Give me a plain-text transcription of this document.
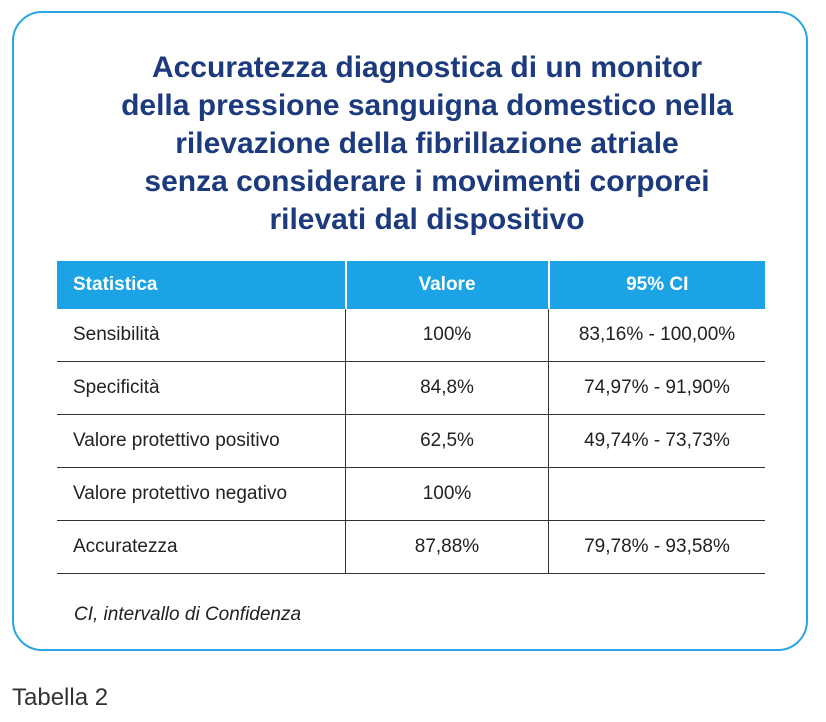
Accuratezza diagnostica di un monitor
della pressione sanguigna domestico nella
rilevazione della fibrillazione atriale
senza considerare i movimenti corporei
rilevati dal dispositivo
Statistica	Valore	95% CI
Sensibilità	100%	83,16% - 100,00%
Specificità	84,8%	74,97% - 91,90%
Valore protettivo positivo	62,5%	49,74% - 73,73%
Valore protettivo negativo	100%	
Accuratezza	87,88%	79,78% - 93,58%
CI, intervallo di Confidenza
Tabella 2
